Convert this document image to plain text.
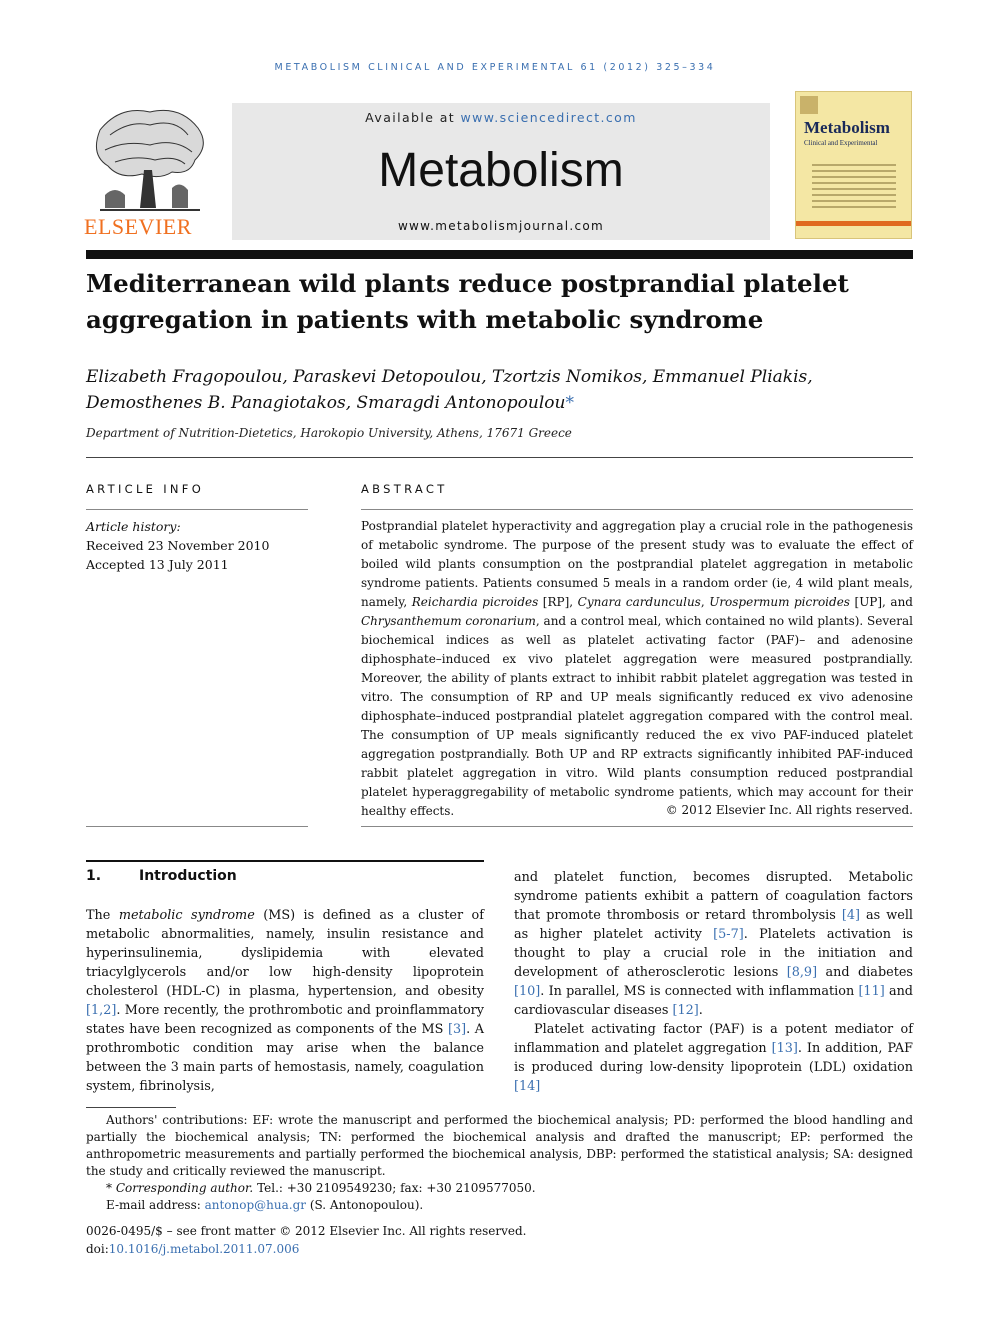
METABOLISM CLINICAL AND EXPERIMENTAL 61 (2012) 325–334
ELSEVIER
Available at www.sciencedirect.com
Metabolism
www.metabolismjournal.com
Metabolism
Clinical and Experimental
Mediterranean wild plants reduce postprandial platelet aggregation in patients with metabolic syndrome
Elizabeth Fragopoulou, Paraskevi Detopoulou, Tzortzis Nomikos, Emmanuel Pliakis,
Demosthenes B. Panagiotakos, Smaragdi Antonopoulou*
Department of Nutrition-Dietetics, Harokopio University, Athens, 17671 Greece
ARTICLE INFO
Article history:
Received 23 November 2010
Accepted 13 July 2011
ABSTRACT
Postprandial platelet hyperactivity and aggregation play a crucial role in the pathogenesis of metabolic syndrome. The purpose of the present study was to evaluate the effect of boiled wild plants consumption on the postprandial platelet aggregation in metabolic syndrome patients. Patients consumed 5 meals in a random order (ie, 4 wild plant meals, namely, Reichardia picroides [RP], Cynara cardunculus, Urospermum picroides [UP], and Chrysanthemum coronarium, and a control meal, which contained no wild plants). Several biochemical indices as well as platelet activating factor (PAF)– and adenosine diphosphate–induced ex vivo platelet aggregation were measured postprandially. Moreover, the ability of plants extract to inhibit rabbit platelet aggregation was tested in vitro. The consumption of RP and UP meals significantly reduced ex vivo adenosine diphosphate–induced postprandial platelet aggregation compared with the control meal. The consumption of UP meals significantly reduced the ex vivo PAF-induced platelet aggregation postprandially. Both UP and RP extracts significantly inhibited PAF-induced rabbit platelet aggregation in vitro. Wild plants consumption reduced postprandial platelet hyperaggregability of metabolic syndrome patients, which may account for their healthy effects.	© 2012 Elsevier Inc. All rights reserved.
1.	Introduction

The metabolic syndrome (MS) is defined as a cluster of metabolic abnormalities, namely, insulin resistance and hyperinsulinemia, dyslipidemia with elevated triacylglycerols and/or low high-density lipoprotein cholesterol (HDL-C) in plasma, hypertension, and obesity [1,2]. More recently, the prothrombotic and proinflammatory states have been recognized as components of the MS [3]. A prothrombotic condition may arise when the balance between the 3 main parts of hemostasis, namely, coagulation system, fibrinolysis,

and platelet function, becomes disrupted. Metabolic syndrome patients exhibit a pattern of coagulation factors that promote thrombosis or retard thrombolysis [4] as well as higher platelet activity [5-7]. Platelets activation is thought to play a crucial role in the initiation and development of atherosclerotic lesions [8,9] and diabetes [10]. In parallel, MS is connected with inflammation [11] and cardiovascular diseases [12].

Platelet activating factor (PAF) is a potent mediator of inflammation and platelet aggregation [13]. In addition, PAF is produced during low-density lipoprotein (LDL) oxidation [14]

Authors' contributions: EF: wrote the manuscript and performed the biochemical analysis; PD: performed the blood handling and partially the biochemical analysis; TN: performed the biochemical analysis and drafted the manuscript; EP: performed the anthropometric measurements and partially performed the biochemical analysis, DBP: performed the statistical analysis; SA: designed the study and critically reviewed the manuscript.
* Corresponding author. Tel.: +30 2109549230; fax: +30 2109577050.
E-mail address: antonop@hua.gr (S. Antonopoulou).
0026-0495/$ – see front matter © 2012 Elsevier Inc. All rights reserved.
doi:10.1016/j.metabol.2011.07.006
